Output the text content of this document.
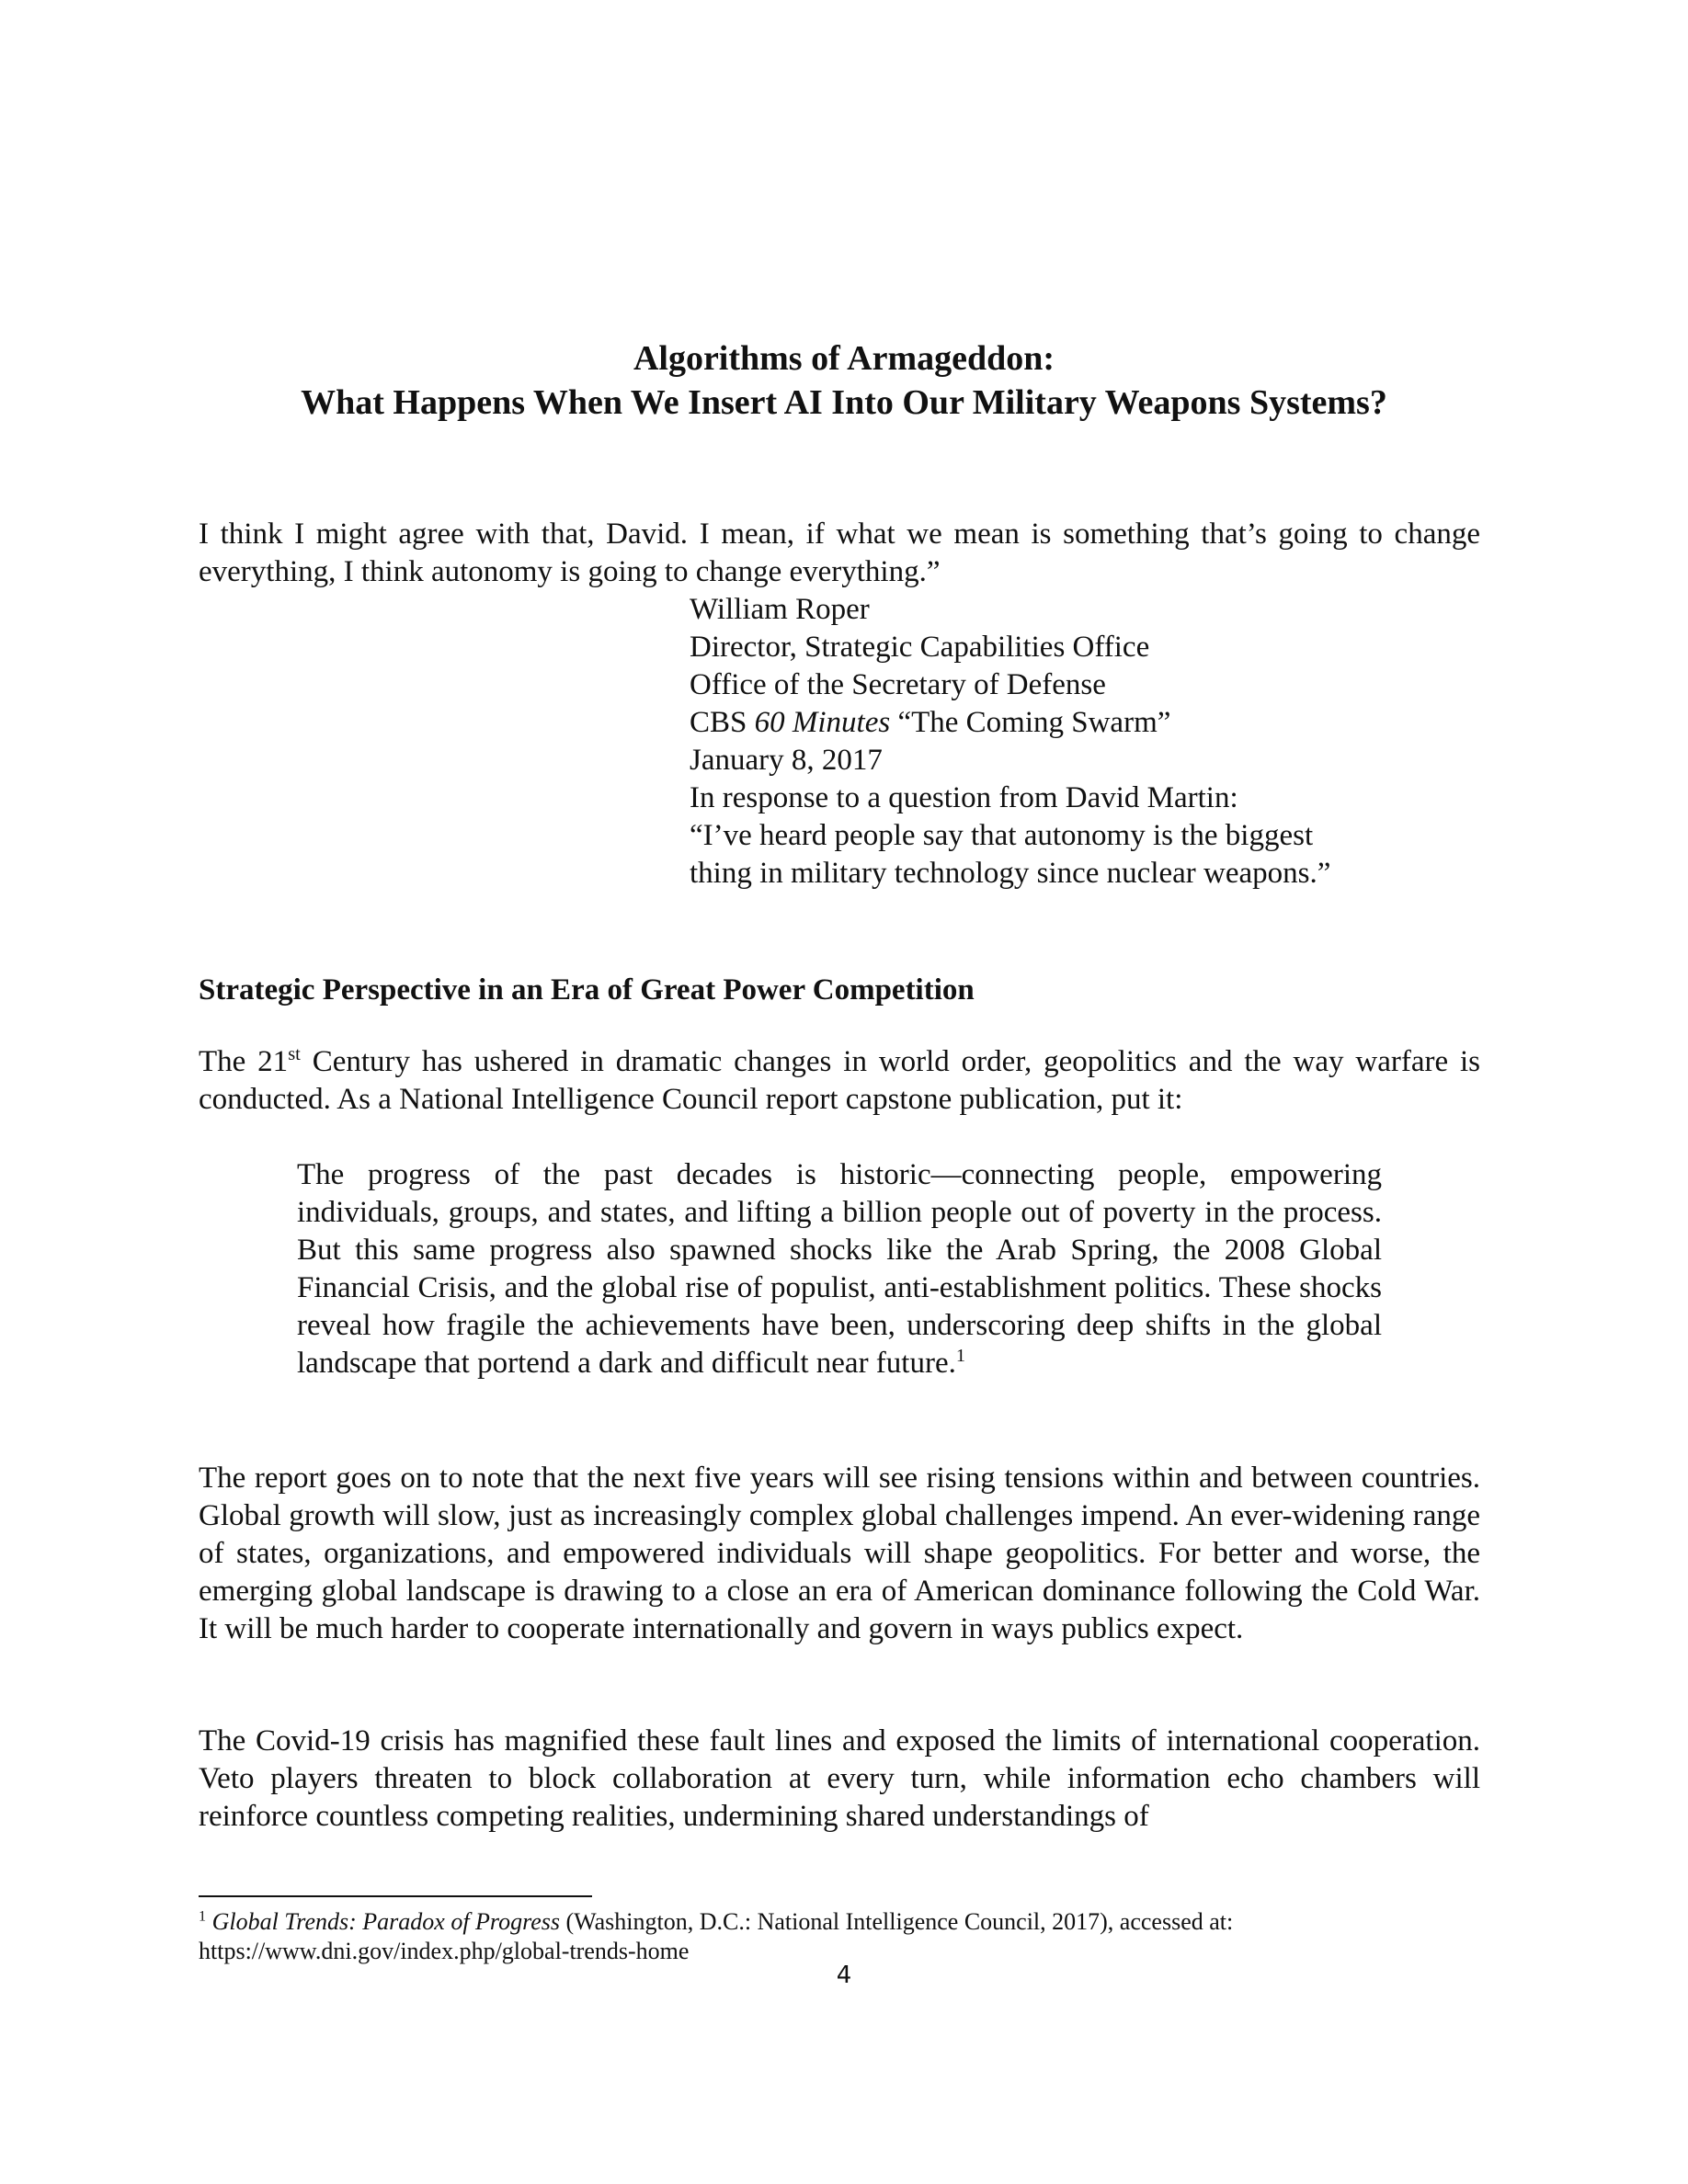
Algorithms of Armageddon:
What Happens When We Insert AI Into Our Military Weapons Systems?
I think I might agree with that, David. I mean, if what we mean is something that’s going to change everything, I think autonomy is going to change everything.”
William Roper
Director, Strategic Capabilities Office
Office of the Secretary of Defense
CBS 60 Minutes “The Coming Swarm”
January 8, 2017
In response to a question from David Martin:
“I’ve heard people say that autonomy is the biggest
thing in military technology since nuclear weapons.”
Strategic Perspective in an Era of Great Power Competition
The 21st Century has ushered in dramatic changes in world order, geopolitics and the way warfare is conducted. As a National Intelligence Council report capstone publication, put it:
The progress of the past decades is historic—connecting people, empowering individuals, groups, and states, and lifting a billion people out of poverty in the process. But this same progress also spawned shocks like the Arab Spring, the 2008 Global Financial Crisis, and the global rise of populist, anti-establishment politics. These shocks reveal how fragile the achievements have been, underscoring deep shifts in the global landscape that portend a dark and difficult near future.$^1$
The report goes on to note that the next five years will see rising tensions within and between countries. Global growth will slow, just as increasingly complex global challenges impend. An ever-widening range of states, organizations, and empowered individuals will shape geopolitics. For better and worse, the emerging global landscape is drawing to a close an era of American dominance following the Cold War. It will be much harder to cooperate internationally and govern in ways publics expect.
The Covid-19 crisis has magnified these fault lines and exposed the limits of international cooperation. Veto players threaten to block collaboration at every turn, while information echo chambers will reinforce countless competing realities, undermining shared understandings of
$^1$ Global Trends: Paradox of Progress (Washington, D.C.: National Intelligence Council, 2017), accessed at:
https://www.dni.gov/index.php/global-trends-home
4
